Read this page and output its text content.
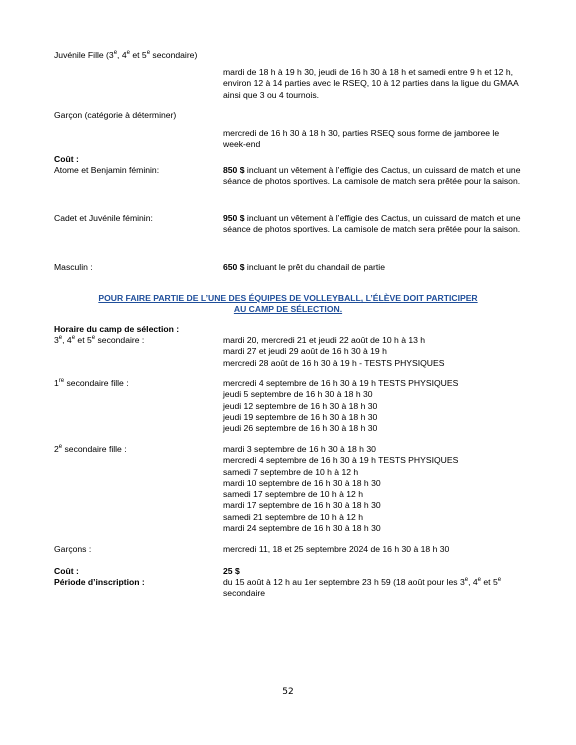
Juvénile Fille (3e, 4e et 5e secondaire)
mardi de 18 h à 19 h 30, jeudi de 16 h 30 à 18 h et samedi entre 9 h et 12 h, environ 12 à 14 parties avec le RSEQ, 10 à 12 parties dans la ligue du GMAA ainsi que 3 ou 4 tournois.
Garçon (catégorie à déterminer)
mercredi de 16 h 30 à 18 h 30, parties RSEQ sous forme de jamboree le week-end
Coût :
Atome et Benjamin féminin:	850 $ incluant un vêtement à l’effigie des Cactus, un cuissard de match et une séance de photos sportives. La camisole de match sera prêtée pour la saison.
Cadet et Juvénile féminin:	950 $ incluant un vêtement à l’effigie des Cactus, un cuissard de match et une séance de photos sportives. La camisole de match sera prêtée pour la saison.
Masculin :	650 $ incluant le prêt du chandail de partie
POUR FAIRE PARTIE DE L’UNE DES ÉQUIPES DE VOLLEYBALL, L’ÉLÈVE DOIT PARTICIPER
AU CAMP DE SÉLECTION.
Horaire du camp de sélection :
3e, 4e et 5e secondaire :	mardi 20, mercredi 21 et jeudi 22 août de 10 h à 13 h
mardi 27 et jeudi 29 août de 16 h 30 à 19 h
mercredi 28 août de 16 h 30 à 19 h - TESTS PHYSIQUES
1re secondaire fille :	mercredi 4 septembre de 16 h 30 à 19 h TESTS PHYSIQUES
jeudi 5 septembre de 16 h 30 à 18 h 30
jeudi 12 septembre de 16 h 30 à 18 h 30
jeudi 19 septembre de 16 h 30 à 18 h 30
jeudi 26 septembre de 16 h 30 à 18 h 30
2e secondaire fille :	mardi 3 septembre de 16 h 30 à 18 h 30
mercredi 4 septembre de 16 h 30 à 19 h TESTS PHYSIQUES
samedi 7 septembre de 10 h à 12 h
mardi 10 septembre de 16 h 30 à 18 h 30
samedi 17 septembre de 10 h à 12 h
mardi 17 septembre de 16 h 30 à 18 h 30
samedi 21 septembre de 10 h à 12 h
mardi 24 septembre de 16 h 30 à 18 h 30
Garçons :	mercredi 11, 18 et 25 septembre 2024 de 16 h 30 à 18 h 30
Coût :	25 $
Période d’inscription :	du 15 août à 12 h au 1er septembre 23 h 59 (18 août pour les 3e, 4e et 5e secondaire
52
